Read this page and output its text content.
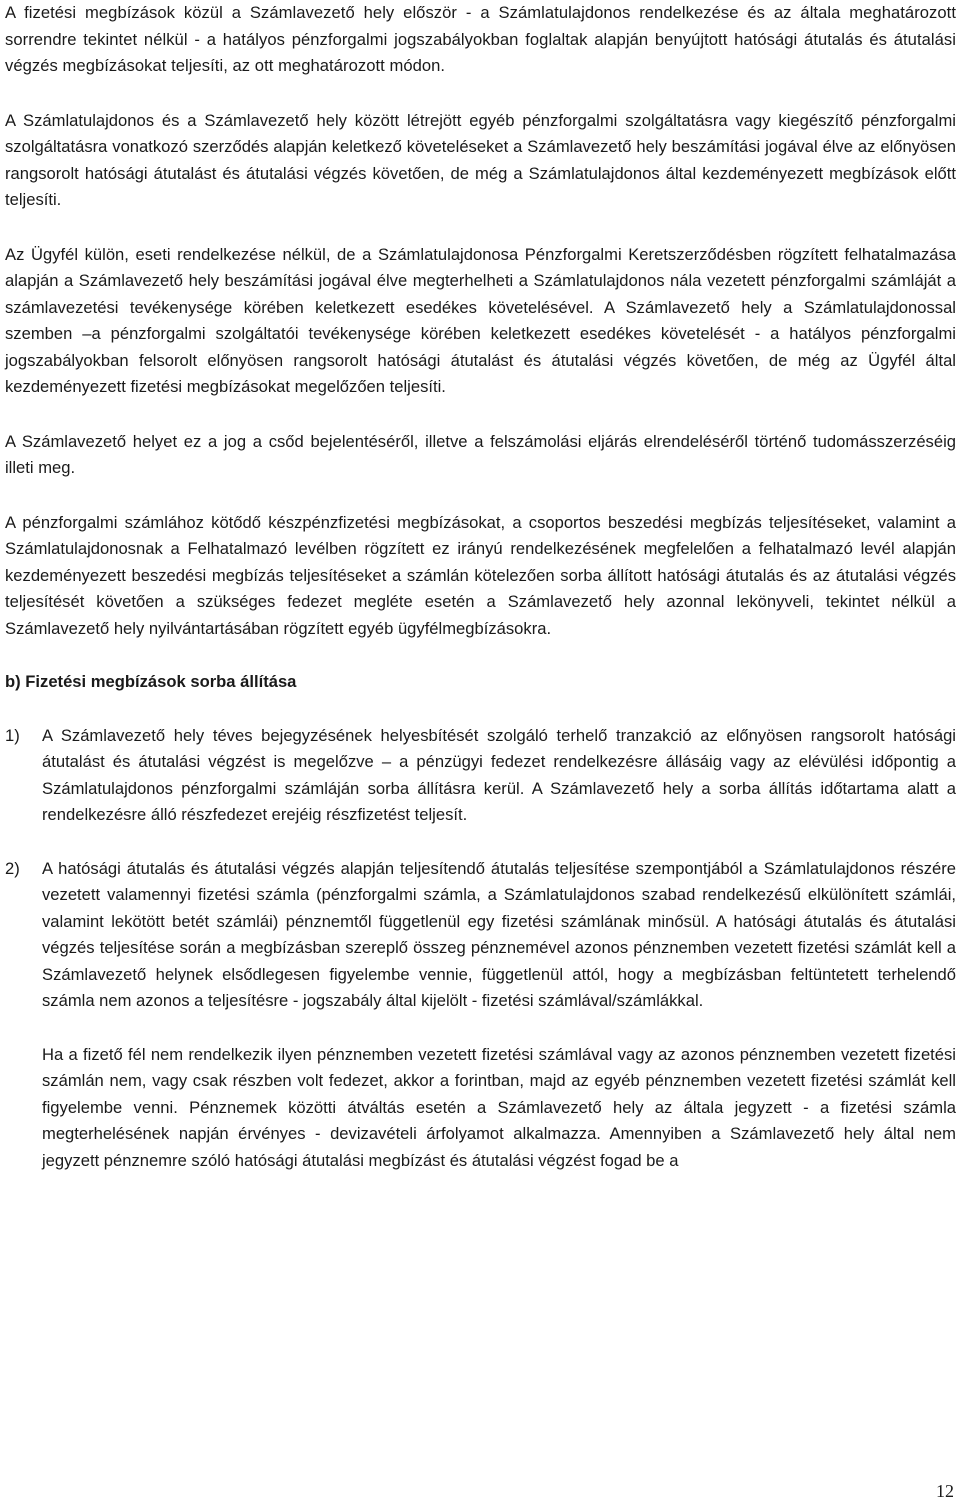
A fizetési megbízások közül a Számlavezető hely először - a Számlatulajdonos rendelkezése és az általa meghatározott sorrendre tekintet nélkül - a hatályos pénzforgalmi jogszabályokban foglaltak alapján benyújtott hatósági átutalás és átutalási végzés megbízásokat teljesíti, az ott meghatározott módon.

A Számlatulajdonos és a Számlavezető hely között létrejött egyéb pénzforgalmi szolgáltatásra vagy kiegészítő pénzforgalmi szolgáltatásra vonatkozó szerződés alapján keletkező követeléseket a Számlavezető hely beszámítási jogával élve az előnyösen rangsorolt hatósági átutalást és átutalási végzés követően, de még a Számlatulajdonos által kezdeményezett megbízások előtt teljesíti.

Az Ügyfél külön, eseti rendelkezése nélkül, de a Számlatulajdonosa Pénzforgalmi Keretszerződésben rögzített felhatalmazása alapján a Számlavezető hely beszámítási jogával élve megterhelheti a Számlatulajdonos nála vezetett pénzforgalmi számláját a számlavezetési tevékenysége körében keletkezett esedékes követelésével. A Számlavezető hely a Számlatulajdonossal szemben –a pénzforgalmi szolgáltatói tevékenysége körében keletkezett esedékes követelését - a hatályos pénzforgalmi jogszabályokban felsorolt előnyösen rangsorolt hatósági átutalást és átutalási végzés követően, de még az Ügyfél által kezdeményezett fizetési megbízásokat megelőzően teljesíti.

A Számlavezető helyet ez a jog a csőd bejelentéséről, illetve a felszámolási eljárás elrendeléséről történő tudomásszerzéséig illeti meg.

A pénzforgalmi számlához kötődő készpénzfizetési megbízásokat, a csoportos beszedési megbízás teljesítéseket, valamint a Számlatulajdonosnak a Felhatalmazó levélben rögzített ez irányú rendelkezésének megfelelően a felhatalmazó levél alapján kezdeményezett beszedési megbízás teljesítéseket a számlán kötelezően sorba állított hatósági átutalás és az átutalási végzés teljesítését követően a szükséges fedezet megléte esetén a Számlavezető hely azonnal lekönyveli, tekintet nélkül a Számlavezető hely nyilvántartásában rögzített egyéb ügyfélmegbízásokra.

b) Fizetési megbízások sorba állítása

1) A Számlavezető hely téves bejegyzésének helyesbítését szolgáló terhelő tranzakció az előnyösen rangsorolt hatósági átutalást és átutalási végzést is megelőzve – a pénzügyi fedezet rendelkezésre állásáig vagy az elévülési időpontig a Számlatulajdonos pénzforgalmi számláján sorba állításra kerül. A Számlavezető hely a sorba állítás időtartama alatt a rendelkezésre álló részfedezet erejéig részfizetést teljesít.

2) A hatósági átutalás és átutalási végzés alapján teljesítendő átutalás teljesítése szempontjából a Számlatulajdonos részére vezetett valamennyi fizetési számla (pénzforgalmi számla, a Számlatulajdonos szabad rendelkezésű elkülönített számlái, valamint lekötött betét számlái) pénznemtől függetlenül egy fizetési számlának minősül. A hatósági átutalás és átutalási végzés teljesítése során a megbízásban szereplő összeg pénznemével azonos pénznemben vezetett fizetési számlát kell a Számlavezető helynek elsődlegesen figyelembe vennie, függetlenül attól, hogy a megbízásban feltüntetett terhelendő számla nem azonos a teljesítésre - jogszabály által kijelölt - fizetési számlával/számlákkal.

Ha a fizető fél nem rendelkezik ilyen pénznemben vezetett fizetési számlával vagy az azonos pénznemben vezetett fizetési számlán nem, vagy csak részben volt fedezet, akkor a forintban, majd az egyéb pénznemben vezetett fizetési számlát kell figyelembe venni. Pénznemek közötti átváltás esetén a Számlavezető hely az általa jegyzett - a fizetési számla megterhelésének napján érvényes - devizavételi árfolyamot alkalmazza. Amennyiben a Számlavezető hely által nem jegyzett pénznemre szóló hatósági átutalási megbízást és átutalási végzést fogad be a

12
